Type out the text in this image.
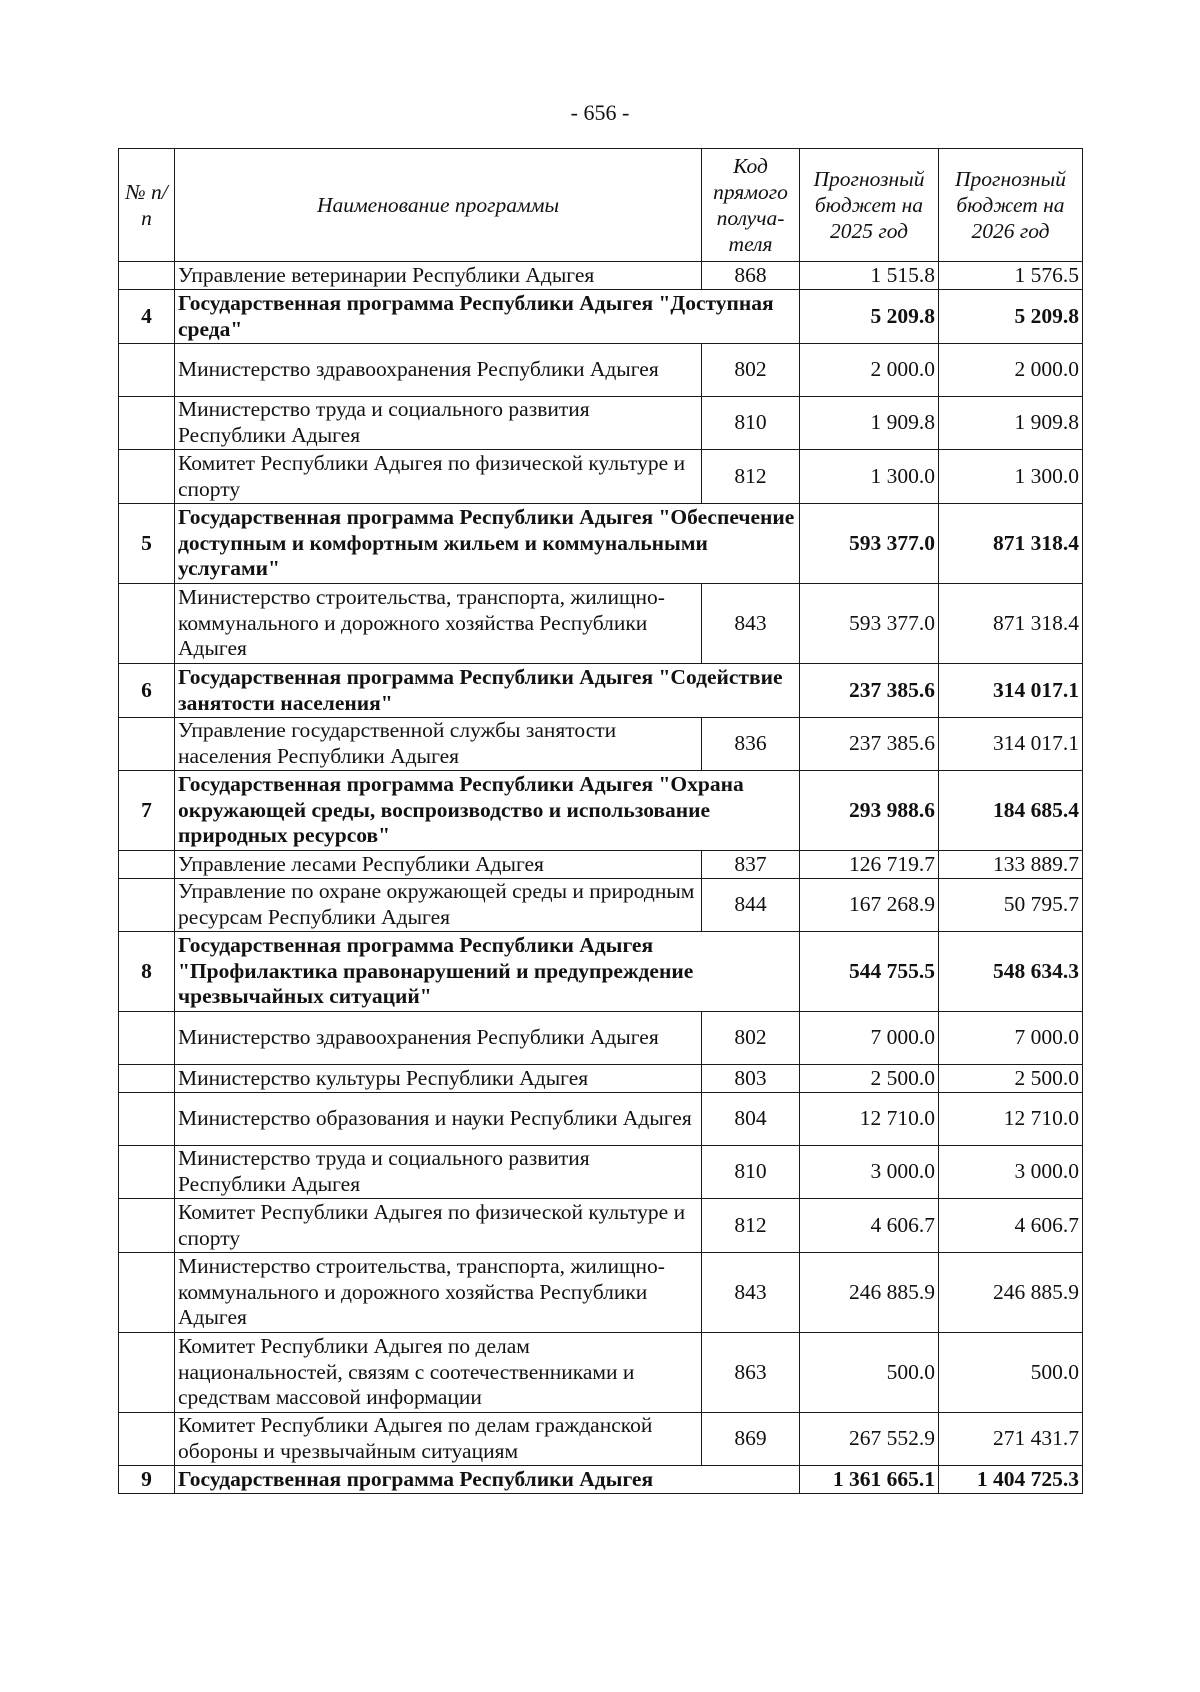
- 656 -
№ п/п	Наименование программы	Код прямого получа-теля	Прогнозный бюджет на 2025 год	Прогнозный бюджет на 2026 год
	Управление ветеринарии Республики Адыгея	868	1 515.8	1 576.5
4	Государственная программа Республики Адыгея "Доступная среда"		5 209.8	5 209.8
	Министерство здравоохранения Республики Адыгея	802	2 000.0	2 000.0
	Министерство труда и социального развития Республики Адыгея	810	1 909.8	1 909.8
	Комитет Республики Адыгея по физической культуре и спорту	812	1 300.0	1 300.0
5	Государственная программа Республики Адыгея "Обеспечение доступным и комфортным жильем и коммунальными услугами"		593 377.0	871 318.4
	Министерство строительства, транспорта, жилищно-коммунального и дорожного хозяйства Республики Адыгея	843	593 377.0	871 318.4
6	Государственная программа Республики Адыгея "Содействие занятости населения"		237 385.6	314 017.1
	Управление государственной службы занятости населения Республики Адыгея	836	237 385.6	314 017.1
7	Государственная программа Республики Адыгея "Охрана окружающей среды, воспроизводство и использование природных ресурсов"		293 988.6	184 685.4
	Управление лесами Республики Адыгея	837	126 719.7	133 889.7
	Управление по охране окружающей среды и природным ресурсам Республики Адыгея	844	167 268.9	50 795.7
8	Государственная программа Республики Адыгея "Профилактика правонарушений и предупреждение чрезвычайных ситуаций"		544 755.5	548 634.3
	Министерство здравоохранения Республики Адыгея	802	7 000.0	7 000.0
	Министерство культуры Республики Адыгея	803	2 500.0	2 500.0
	Министерство образования и науки Республики Адыгея	804	12 710.0	12 710.0
	Министерство труда и социального развития Республики Адыгея	810	3 000.0	3 000.0
	Комитет Республики Адыгея по физической культуре и спорту	812	4 606.7	4 606.7
	Министерство строительства, транспорта, жилищно-коммунального и дорожного хозяйства Республики Адыгея	843	246 885.9	246 885.9
	Комитет Республики Адыгея по делам национальностей, связям с соотечественниками и средствам массовой информации	863	500.0	500.0
	Комитет Республики Адыгея по делам гражданской обороны и чрезвычайным ситуациям	869	267 552.9	271 431.7
9	Государственная программа Республики Адыгея		1 361 665.1	1 404 725.3
